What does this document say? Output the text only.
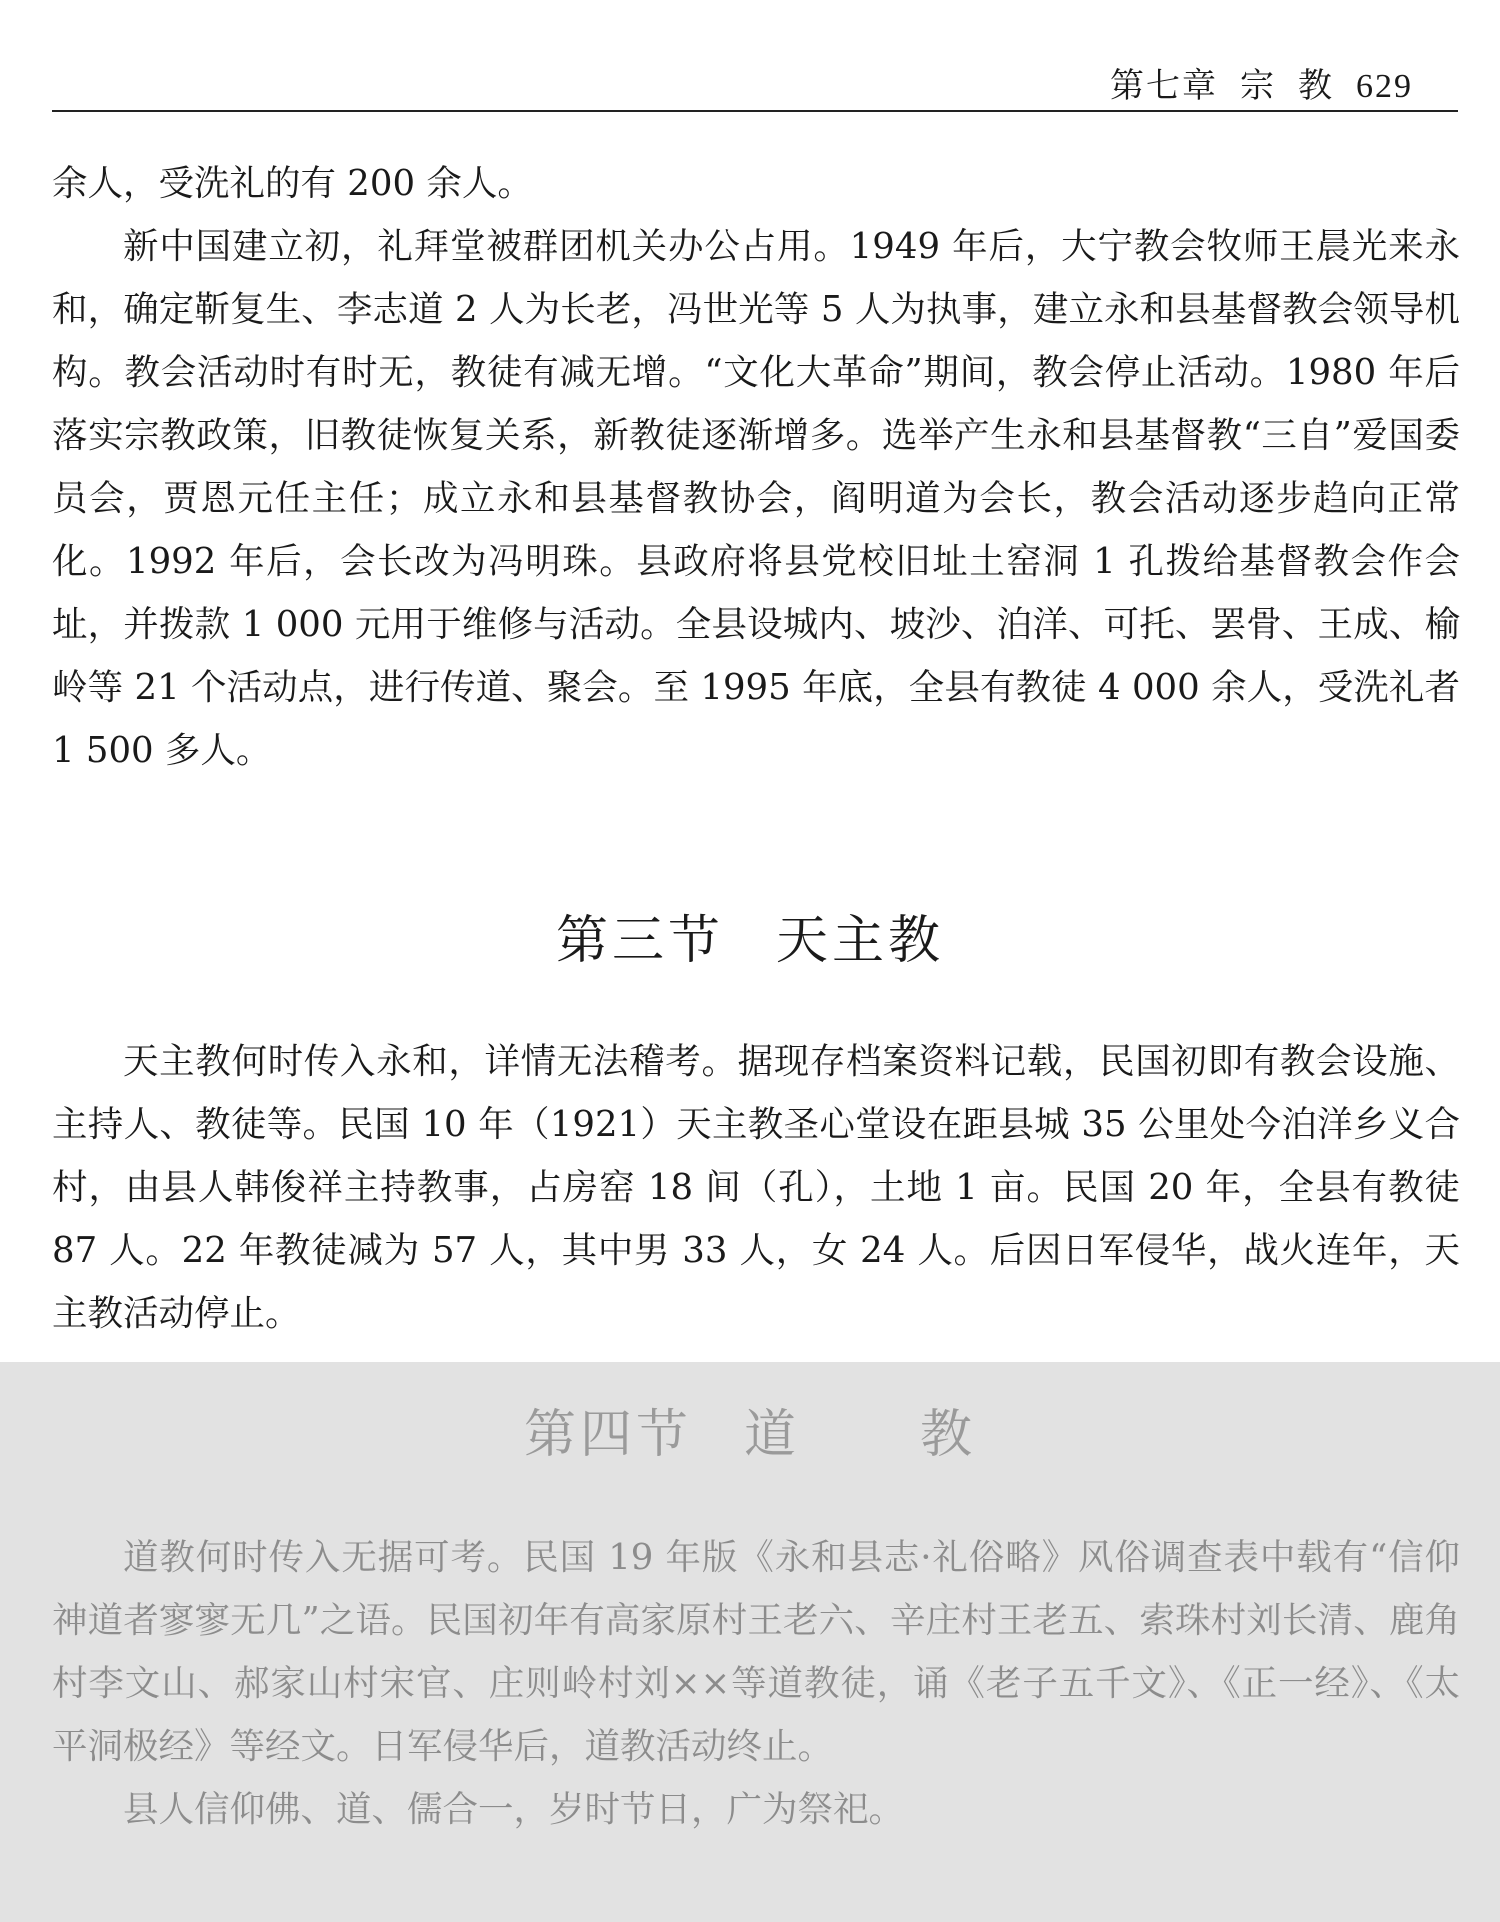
第七章 宗 教 629

余人，受洗礼的有 200 余人。

新中国建立初，礼拜堂被群团机关办公占用。1949 年后，大宁教会牧师王晨光来永和，确定靳复生、李志道 2 人为长老，冯世光等 5 人为执事，建立永和县基督教会领导机构。教会活动时有时无，教徒有减无增。“文化大革命”期间，教会停止活动。1980 年后落实宗教政策，旧教徒恢复关系，新教徒逐渐增多。选举产生永和县基督教“三自”爱国委员会，贾恩元任主任；成立永和县基督教协会，阎明道为会长，教会活动逐步趋向正常化。1992 年后，会长改为冯明珠。县政府将县党校旧址土窑洞 1 孔拨给基督教会作会址，并拨款 1 000 元用于维修与活动。全县设城内、坡沙、泊洋、可托、罢骨、王成、榆岭等 21 个活动点，进行传道、聚会。至 1995 年底，全县有教徒 4 000 余人，受洗礼者 1 500 多人。

第三节 天主教

天主教何时传入永和，详情无法稽考。据现存档案资料记载，民国初即有教会设施、主持人、教徒等。民国 10 年（1921）天主教圣心堂设在距县城 35 公里处今泊洋乡义合村，由县人韩俊祥主持教事，占房窑 18 间（孔），土地 1 亩。民国 20 年，全县有教徒 87 人。22 年教徒减为 57 人，其中男 33 人，女 24 人。后因日军侵华，战火连年，天主教活动停止。

第四节 道 教

道教何时传入无据可考。民国 19 年版《永和县志·礼俗略》风俗调查表中载有“信仰神道者寥寥无几”之语。民国初年有高家原村王老六、辛庄村王老五、索珠村刘长清、鹿角村李文山、郝家山村宋官、庄则岭村刘××等道教徒，诵《老子五千文》、《正一经》、《太平洞极经》等经文。日军侵华后，道教活动终止。

县人信仰佛、道、儒合一，岁时节日，广为祭祀。
